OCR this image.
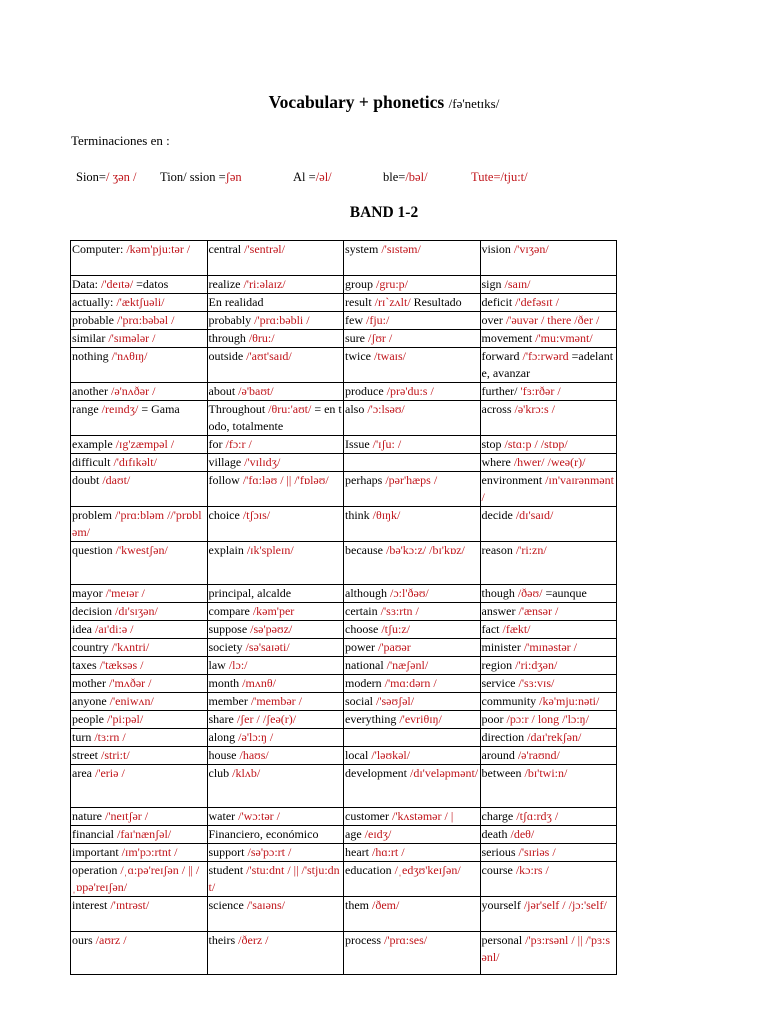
Vocabulary + phonetics /fə'netɪks/
Terminaciones en :
Sion=/ ʒən / Tion/ ssion =ʃən	Al =/əl/	ble=/bəl/	Tute=/tju:t/
BAND 1-2
Computer: /kəm'pju:tər /	central /'sentrəl/	system /'sɪstəm/	vision /'vɪʒən/
Data: /'deɪtə/ =datos	realize /'ri:əlaɪz/	group /gru:p/	sign /saɪn/
actually: /'æktʃuəli/	En realidad	result /rɪ`zʌlt/ Resultado	deficit /'defəsɪt /
probable /'prɑ:bəbəl /	probably /'prɑ:bəbli /	few /fju:/	over /'əuvər / there /ðer /
similar /'sɪmələr /	through /θru:/	sure /ʃʊr /	movement /'mu:vmənt/
nothing /'nʌθɪŋ/	outside /'aʊt'saɪd/	twice /twaɪs/	forward /'fɔ:rwərd =adelante, avanzar
another /ə'nʌðər /	about /ə'baʊt/	produce /prə'du:s /	further/ 'fɜ:rðər /
range /reɪndʒ/ = Gama	Throughout /θru:'aʊt/ = en todo, totalmente	also /'ɔ:lsəʊ/	across /ə'krɔ:s /
example /ɪg'zæmpəl /	for /fɔ:r /	Issue /'ɪʃu: /	stop /stɑ:p / /stɒp/
difficult /'dɪfɪkəlt/	village /'vɪlɪdʒ/		where /hwer/ /weə(r)/
doubt /daʊt/	follow /'fɑ:ləʊ / || /'fɒləʊ/	perhaps /pər'hæps /	environment /ɪn'vaɪrənmənt /
problem /'prɑ:bləm //'prɒbləm/	choice /tʃɔɪs/	think /θɪŋk/	decide /dɪ'saɪd/
question /'kwestʃən/	explain /ɪk'spleɪn/	because /bə'kɔ:z/ /bɪ'kɒz/	reason /'ri:zn/
mayor /'meɪər /	principal, alcalde	although /ɔ:l'ðəʊ/	though /ðəʊ/ =aunque
decision /dɪ'sɪʒən/	compare /kəm'per	certain /'sɜ:rtn /	answer /'ænsər /
idea /aɪ'di:ə /	suppose /sə'pəʊz/	choose /tʃu:z/	fact /fækt/
country /'kʌntri/	society /sə'saɪəti/	power /'paʊər	minister /'mɪnəstər /
taxes /'tæksəs /	law /lɔ:/	national /'næʃənl/	region /'ri:dʒən/
mother /'mʌðər /	month /mʌnθ/	modern /'mɑ:dərn /	service /'sɜ:vɪs/
anyone /'eniwʌn/	member /'membər /	social /'səʊʃəl/	community /kə'mju:nəti/
people /'pi:pəl/	share /ʃer / /ʃeə(r)/	everything /'evriθɪŋ/	poor /pɔ:r / long /'lɔ:ŋ/
turn /tɜ:rn /	along /ə'lɔ:ŋ /		direction /daɪ'rekʃən/
street /stri:t/	house /haʊs/	local /'ləʊkəl/	around /ə'raʊnd/
area /'eriə /	club /klʌb/	development /dɪ'veləpmənt/	between /bɪ'twi:n/
nature /'neɪtʃər /	water /'wɔ:tər /	customer /'kʌstəmər / |	charge /tʃɑ:rdʒ /
financial /faɪ'nænʃəl/	Financiero, económico	age /eɪdʒ/	death /deθ/
important /ɪm'pɔ:rtnt /	support /sə'pɔ:rt /	heart /hɑ:rt /	serious /'sɪriəs /
operation /ˌɑ:pə'reɪʃən / || /ˌɒpə'reɪʃən/	student /'stu:dnt / || /'stju:dnt/	education /ˌedʒʊ'keɪʃən/	course /kɔ:rs /
interest /'ɪntrəst/	science /'saɪəns/	them /ðem/	yourself /jər'self / /jɔ:'self/
ours /aʊrz /	theirs /ðerz /	process /'prɑ:ses/	personal /'pɜ:rsənl / || /'pɜ:sənl/
